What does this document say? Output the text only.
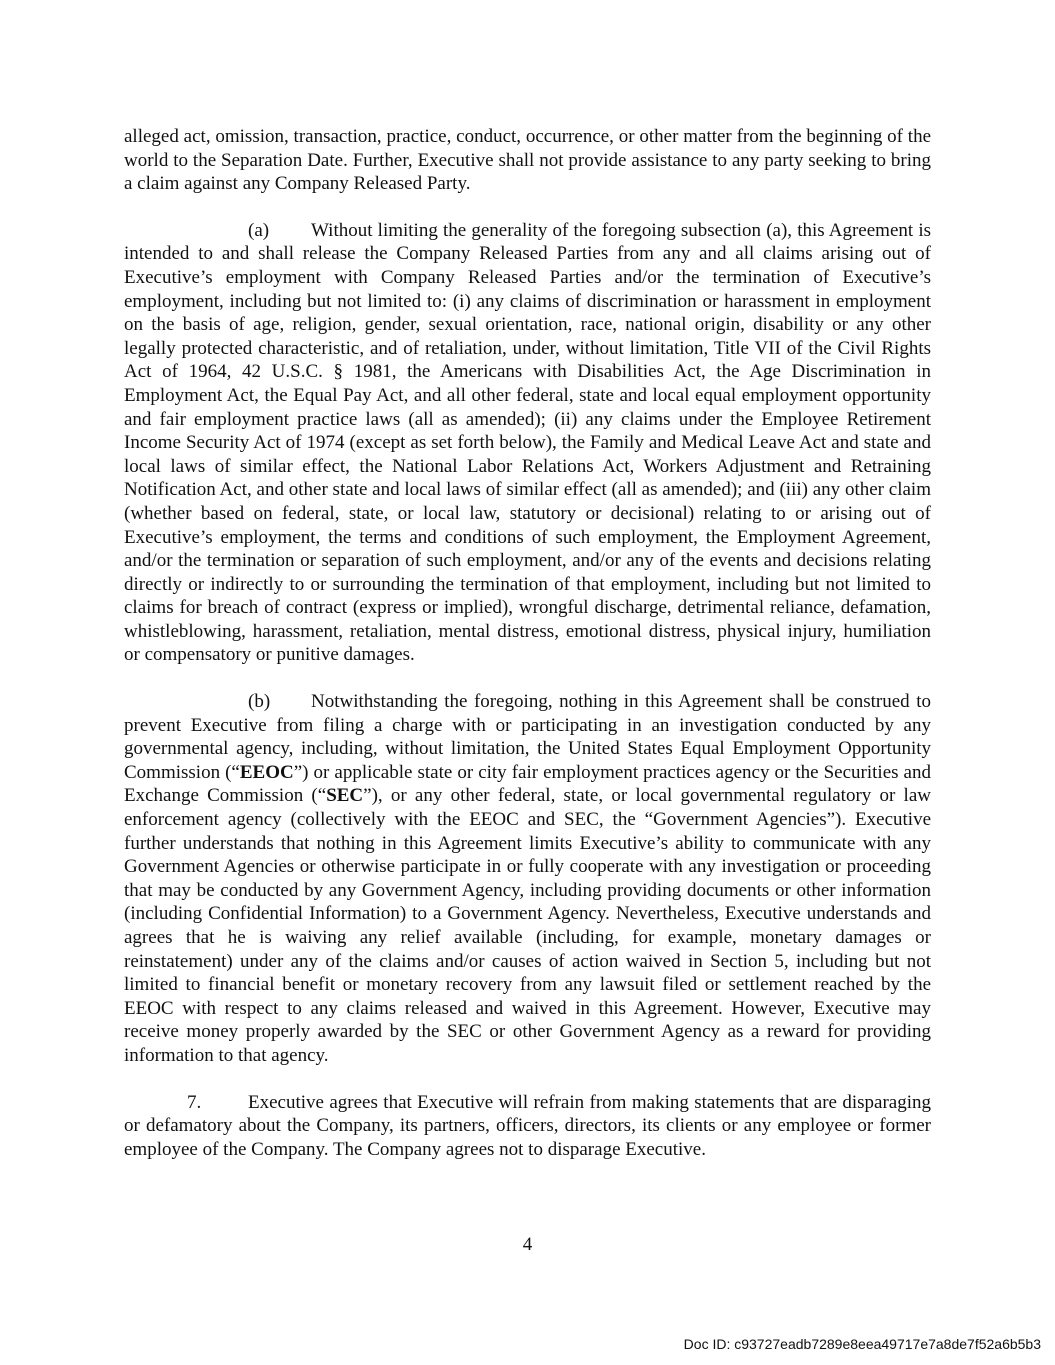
alleged act, omission, transaction, practice, conduct, occurrence, or other matter from the beginning of the world to the Separation Date. Further, Executive shall not provide assistance to any party seeking to bring a claim against any Company Released Party.

(a) Without limiting the generality of the foregoing subsection (a), this Agreement is intended to and shall release the Company Released Parties from any and all claims arising out of Executive’s employment with Company Released Parties and/or the termination of Executive’s employment, including but not limited to: (i) any claims of discrimination or harassment in employment on the basis of age, religion, gender, sexual orientation, race, national origin, disability or any other legally protected characteristic, and of retaliation, under, without limitation, Title VII of the Civil Rights Act of 1964, 42 U.S.C. § 1981, the Americans with Disabilities Act, the Age Discrimination in Employment Act, the Equal Pay Act, and all other federal, state and local equal employment opportunity and fair employment practice laws (all as amended); (ii) any claims under the Employee Retirement Income Security Act of 1974 (except as set forth below), the Family and Medical Leave Act and state and local laws of similar effect, the National Labor Relations Act, Workers Adjustment and Retraining Notification Act, and other state and local laws of similar effect (all as amended); and (iii) any other claim (whether based on federal, state, or local law, statutory or decisional) relating to or arising out of Executive’s employment, the terms and conditions of such employment, the Employment Agreement, and/or the termination or separation of such employment, and/or any of the events and decisions relating directly or indirectly to or surrounding the termination of that employment, including but not limited to claims for breach of contract (express or implied), wrongful discharge, detrimental reliance, defamation, whistleblowing, harassment, retaliation, mental distress, emotional distress, physical injury, humiliation or compensatory or punitive damages.

(b) Notwithstanding the foregoing, nothing in this Agreement shall be construed to prevent Executive from filing a charge with or participating in an investigation conducted by any governmental agency, including, without limitation, the United States Equal Employment Opportunity Commission (“EEOC”) or applicable state or city fair employment practices agency or the Securities and Exchange Commission (“SEC”), or any other federal, state, or local governmental regulatory or law enforcement agency (collectively with the EEOC and SEC, the “Government Agencies”). Executive further understands that nothing in this Agreement limits Executive’s ability to communicate with any Government Agencies or otherwise participate in or fully cooperate with any investigation or proceeding that may be conducted by any Government Agency, including providing documents or other information (including Confidential Information) to a Government Agency. Nevertheless, Executive understands and agrees that he is waiving any relief available (including, for example, monetary damages or reinstatement) under any of the claims and/or causes of action waived in Section 5, including but not limited to financial benefit or monetary recovery from any lawsuit filed or settlement reached by the EEOC with respect to any claims released and waived in this Agreement. However, Executive may receive money properly awarded by the SEC or other Government Agency as a reward for providing information to that agency.

7. Executive agrees that Executive will refrain from making statements that are disparaging or defamatory about the Company, its partners, officers, directors, its clients or any employee or former employee of the Company. The Company agrees not to disparage Executive.

4
Doc ID: c93727eadb7289e8eea49717e7a8de7f52a6b5b3
